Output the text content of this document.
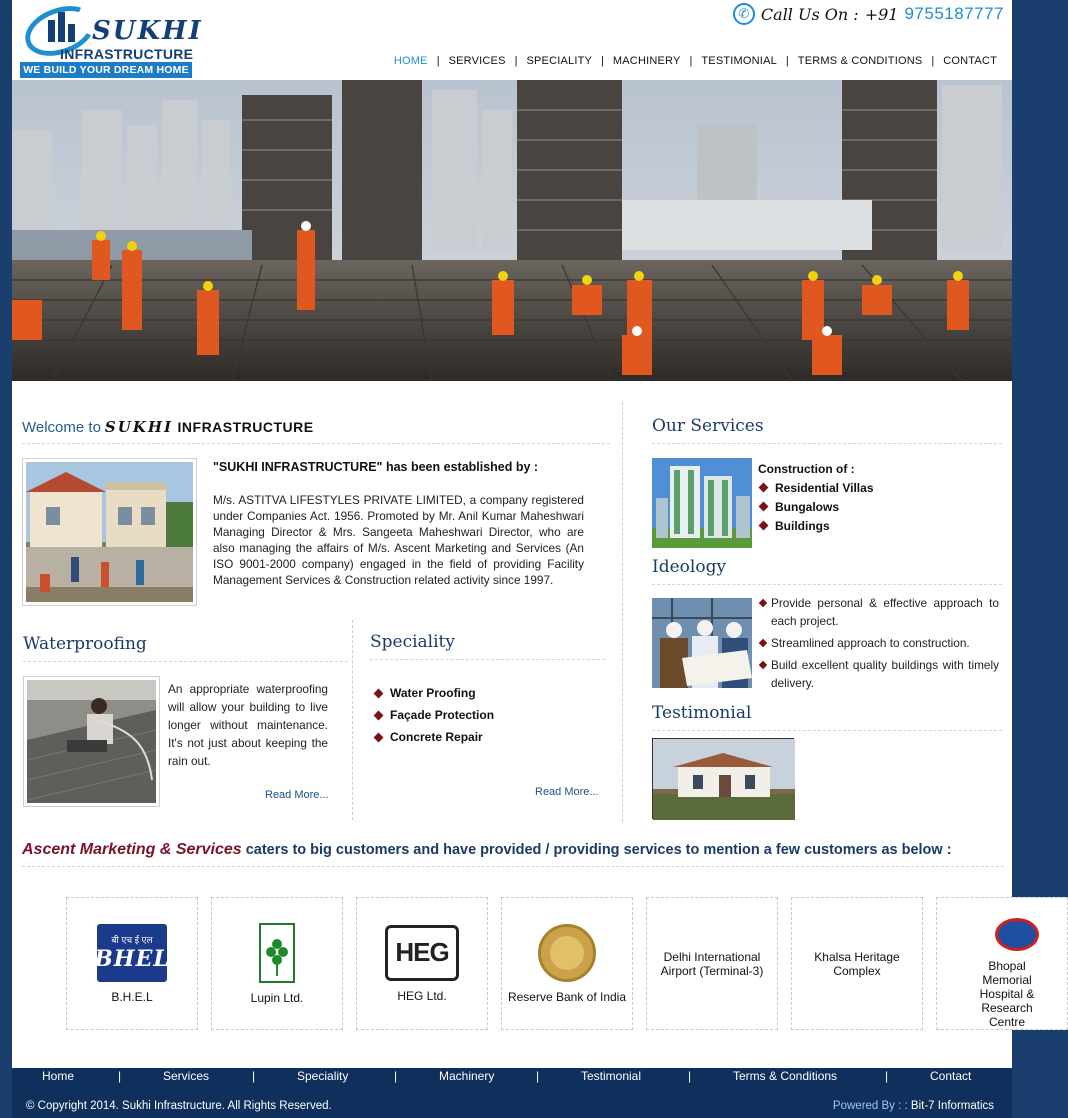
SUKHI
INFRASTRUCTURE
WE BUILD YOUR DREAM HOME
✆ Call Us On : +91 9755187777
HOME | SERVICES | SPECIALITY | MACHINERY | TESTIMONIAL | TERMS & CONDITIONS | CONTACT
Welcome to SUKHI INFRASTRUCTURE
"SUKHI INFRASTRUCTURE" has been established by :
M/s. ASTITVA LIFESTYLES PRIVATE LIMITED, a company registered under Companies Act. 1956. Promoted by Mr. Anil Kumar Maheshwari Managing Director & Mrs. Sangeeta Maheshwari Director, who are also managing the affairs of M/s. Ascent Marketing and Services (An ISO 9001-2000 company) engaged in the field of providing Facility Management Services & Construction related activity since 1997.
Waterproofing
An appropriate waterproofing will allow your building to live longer without maintenance. It's not just about keeping the rain out.
Read More...
Speciality
Water Proofing
Façade Protection
Concrete Repair
Read More...
Our Services
Construction of :
Residential Villas
Bungalows
Buildings
Ideology
Provide personal & effective approach to each project.
Streamlined approach to construction.
Build excellent quality buildings with timely delivery.
Testimonial
Ascent Marketing & Services caters to big customers and have provided / providing services to mention a few customers as below :
बी एच ई एल
BHEL
B.H.E.L	Lupin Ltd.
HEG
HEG Ltd.	Reserve Bank of India
Delhi International Airport (Terminal-3)
Khalsa Heritage Complex	Bhopal Memorial Hospital & Research Centre
Home	|	Services	|	Speciality	|	Machinery	|	Testimonial	|	Terms & Conditions	|	Contact
© Copyright 2014. Sukhi Infrastructure. All Rights Reserved.	Powered By : : Bit-7 Informatics
